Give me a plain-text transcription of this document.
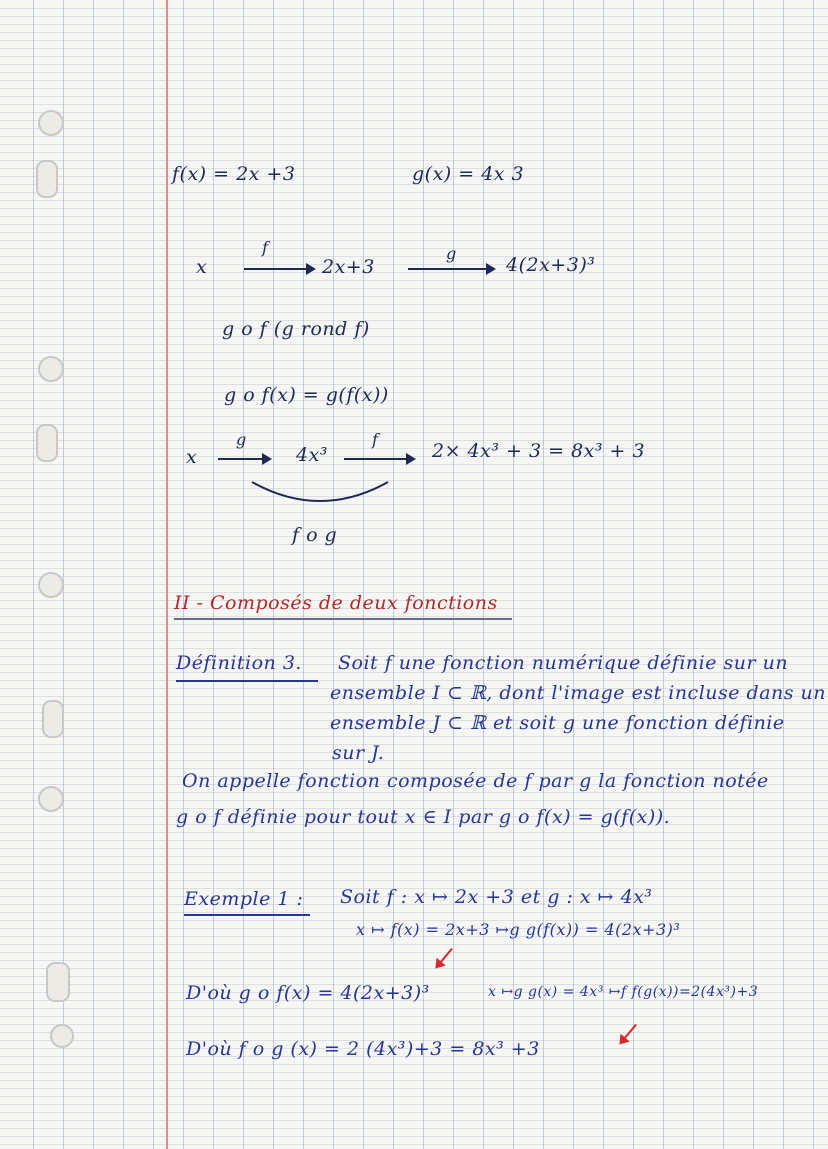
f(x) = 2x +3	g(x) = 4x 3
x
f
2x+3
g
4(2x+3)³
g o f (g rond f)
g o f(x) = g(f(x))
x
g
4x³
f
2× 4x³ + 3 = 8x³ + 3
f o g
II - Composés de deux fonctions
Définition 3. Soit f une fonction numérique définie sur un
ensemble I ⊂ ℝ, dont l'image est incluse dans un
ensemble J ⊂ ℝ et soit g une fonction définie
sur J.
On appelle fonction composée de f par g la fonction notée
g o f définie pour tout x ∈ I par g o f(x) = g(f(x)).
Exemple 1 : Soit f : x ↦ 2x +3 et g : x ↦ 4x³
x ↦ f(x) = 2x+3 ↦g g(f(x)) = 4(2x+3)³
D'où g o f(x) = 4(2x+3)³	x ↦g g(x) = 4x³ ↦f f(g(x))=2(4x³)+3
D'où f o g (x) = 2 (4x³)+3 = 8x³ +3
